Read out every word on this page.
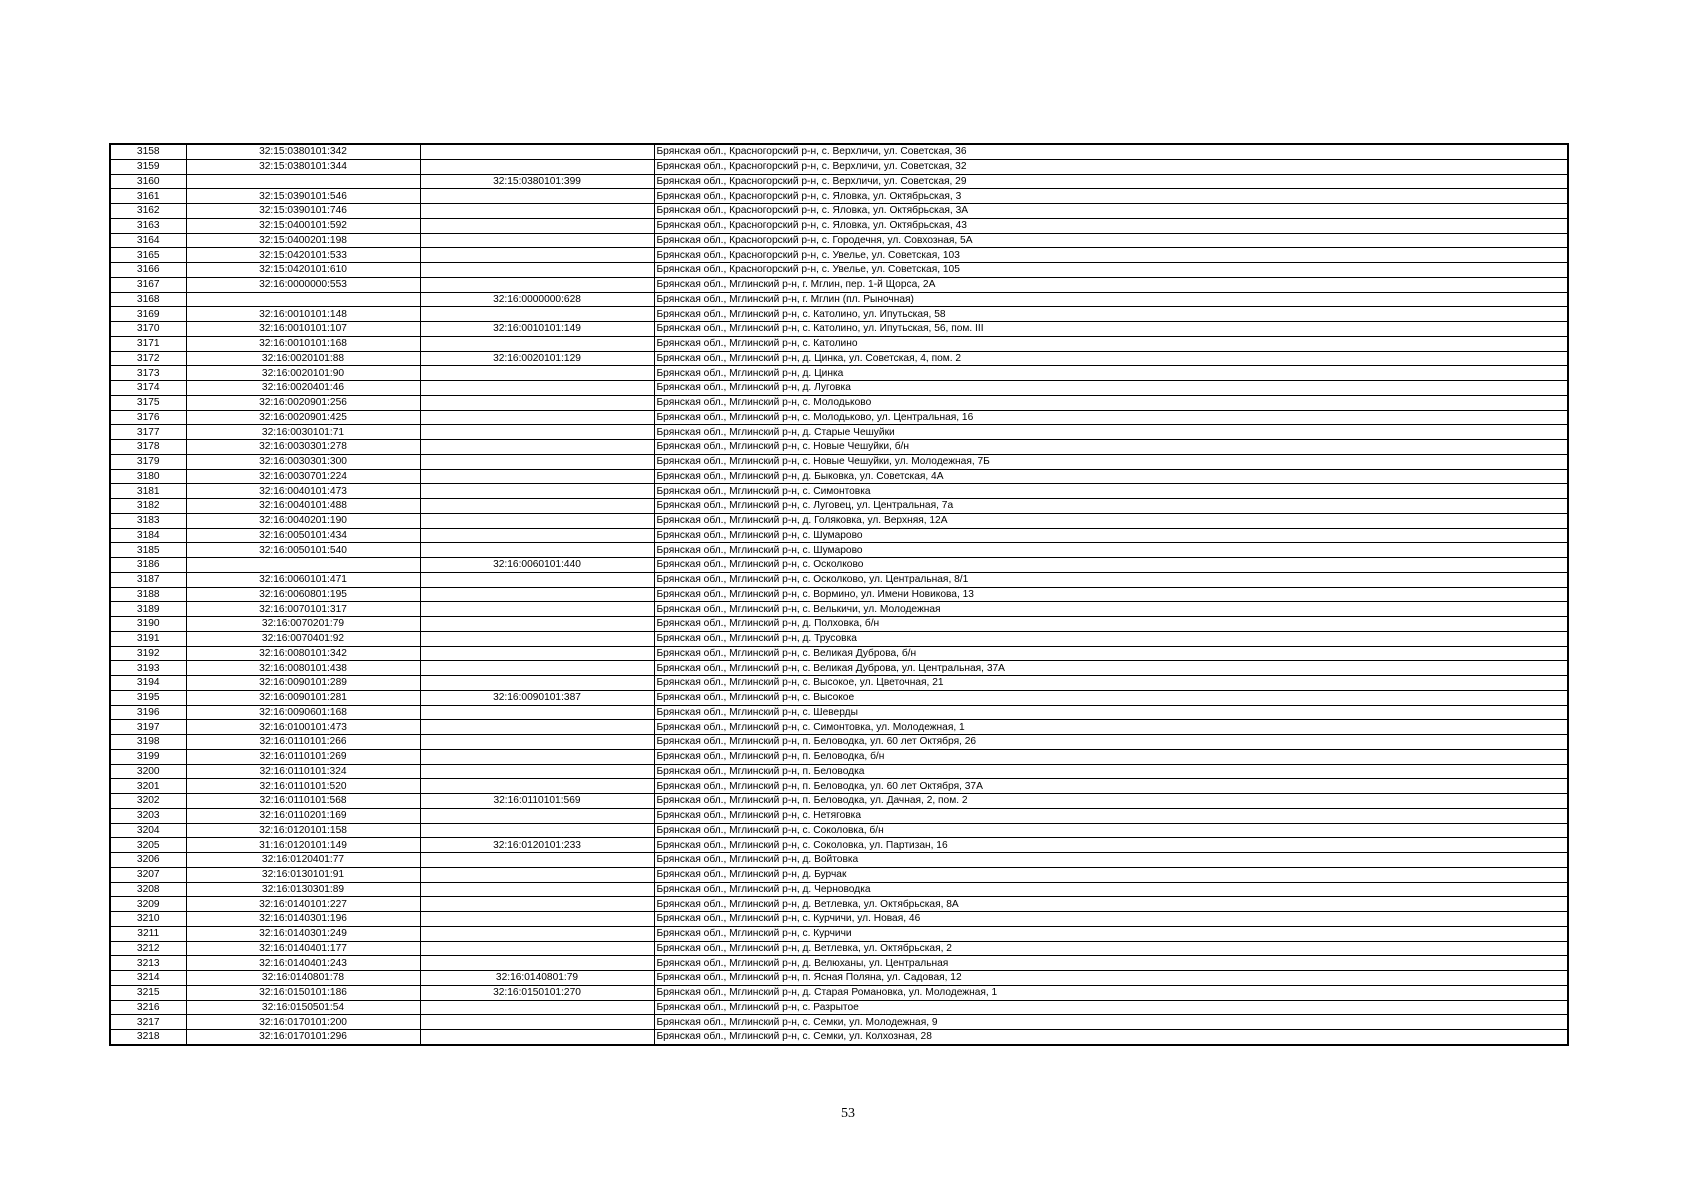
3158	32:15:0380101:342		Брянская обл., Красногорский р-н, с. Верхличи, ул. Советская, 36
3159	32:15:0380101:344		Брянская обл., Красногорский р-н, с. Верхличи, ул. Советская, 32
3160		32:15:0380101:399	Брянская обл., Красногорский р-н, с. Верхличи, ул. Советская, 29
3161	32:15:0390101:546		Брянская обл., Красногорский р-н, с. Яловка, ул. Октябрьская, 3
3162	32:15:0390101:746		Брянская обл., Красногорский р-н, с. Яловка, ул. Октябрьская, 3А
3163	32:15:0400101:592		Брянская обл., Красногорский р-н, с. Яловка, ул. Октябрьская, 43
3164	32:15:0400201:198		Брянская обл., Красногорский р-н, с. Городечня, ул. Совхозная, 5А
3165	32:15:0420101:533		Брянская обл., Красногорский р-н, с. Увелье, ул. Советская, 103
3166	32:15:0420101:610		Брянская обл., Красногорский р-н, с. Увелье, ул. Советская, 105
3167	32:16:0000000:553		Брянская обл., Мглинский р-н, г. Мглин, пер. 1-й Щорса, 2А
3168		32:16:0000000:628	Брянская обл., Мглинский р-н, г. Мглин (пл. Рыночная)
3169	32:16:0010101:148		Брянская обл., Мглинский р-н, с. Католино, ул. Ипутьская, 58
3170	32:16:0010101:107	32:16:0010101:149	Брянская обл., Мглинский р-н, с. Католино, ул. Ипутьская, 56, пом. III
3171	32:16:0010101:168		Брянская обл., Мглинский р-н, с. Католино
3172	32:16:0020101:88	32:16:0020101:129	Брянская обл., Мглинский р-н, д. Цинка, ул. Советская, 4, пом. 2
3173	32:16:0020101:90		Брянская обл., Мглинский р-н, д. Цинка
3174	32:16:0020401:46		Брянская обл., Мглинский р-н, д. Луговка
3175	32:16:0020901:256		Брянская обл., Мглинский р-н, с. Молодьково
3176	32:16:0020901:425		Брянская обл., Мглинский р-н, с. Молодьково, ул. Центральная, 16
3177	32:16:0030101:71		Брянская обл., Мглинский р-н, д. Старые Чешуйки
3178	32:16:0030301:278		Брянская обл., Мглинский р-н, с. Новые Чешуйки, б/н
3179	32:16:0030301:300		Брянская обл., Мглинский р-н, с. Новые Чешуйки, ул. Молодежная, 7Б
3180	32:16:0030701:224		Брянская обл., Мглинский р-н, д. Быковка, ул. Советская, 4А
3181	32:16:0040101:473		Брянская обл., Мглинский р-н, с. Симонтовка
3182	32:16:0040101:488		Брянская обл., Мглинский р-н, с. Луговец, ул. Центральная, 7а
3183	32:16:0040201:190		Брянская обл., Мглинский р-н, д. Голяковка, ул. Верхняя, 12А
3184	32:16:0050101:434		Брянская обл., Мглинский р-н, с. Шумарово
3185	32:16:0050101:540		Брянская обл., Мглинский р-н, с. Шумарово
3186		32:16:0060101:440	Брянская обл., Мглинский р-н, с. Осколково
3187	32:16:0060101:471		Брянская обл., Мглинский р-н, с. Осколково, ул. Центральная, 8/1
3188	32:16:0060801:195		Брянская обл., Мглинский р-н, с. Вормино, ул. Имени Новикова, 13
3189	32:16:0070101:317		Брянская обл., Мглинский р-н, с. Велькичи, ул. Молодежная
3190	32:16:0070201:79		Брянская обл., Мглинский р-н, д. Полховка, б/н
3191	32:16:0070401:92		Брянская обл., Мглинский р-н, д. Трусовка
3192	32:16:0080101:342		Брянская обл., Мглинский р-н, с. Великая Дуброва, б/н
3193	32:16:0080101:438		Брянская обл., Мглинский р-н, с. Великая Дуброва, ул. Центральная, 37А
3194	32:16:0090101:289		Брянская обл., Мглинский р-н, с. Высокое, ул. Цветочная, 21
3195	32:16:0090101:281	32:16:0090101:387	Брянская обл., Мглинский р-н, с. Высокое
3196	32:16:0090601:168		Брянская обл., Мглинский р-н, с. Шеверды
3197	32:16:0100101:473		Брянская обл., Мглинский р-н, с. Симонтовка, ул. Молодежная, 1
3198	32:16:0110101:266		Брянская обл., Мглинский р-н, п. Беловодка, ул. 60 лет Октября, 26
3199	32:16:0110101:269		Брянская обл., Мглинский р-н, п. Беловодка, б/н
3200	32:16:0110101:324		Брянская обл., Мглинский р-н, п. Беловодка
3201	32:16:0110101:520		Брянская обл., Мглинский р-н, п. Беловодка, ул. 60 лет Октября, 37А
3202	32:16:0110101:568	32:16:0110101:569	Брянская обл., Мглинский р-н, п. Беловодка, ул. Дачная, 2, пом. 2
3203	32:16:0110201:169		Брянская обл., Мглинский р-н, с. Нетяговка
3204	32:16:0120101:158		Брянская обл., Мглинский р-н, с. Соколовка, б/н
3205	31:16:0120101:149	32:16:0120101:233	Брянская обл., Мглинский р-н, с. Соколовка, ул. Партизан, 16
3206	32:16:0120401:77		Брянская обл., Мглинский р-н, д. Войтовка
3207	32:16:0130101:91		Брянская обл., Мглинский р-н, д. Бурчак
3208	32:16:0130301:89		Брянская обл., Мглинский р-н, д. Черноводка
3209	32:16:0140101:227		Брянская обл., Мглинский р-н, д. Ветлевка, ул. Октябрьская, 8А
3210	32:16:0140301:196		Брянская обл., Мглинский р-н, с. Курчичи, ул. Новая, 46
3211	32:16:0140301:249		Брянская обл., Мглинский р-н, с. Курчичи
3212	32:16:0140401:177		Брянская обл., Мглинский р-н, д. Ветлевка, ул. Октябрьская, 2
3213	32:16:0140401:243		Брянская обл., Мглинский р-н, д. Велюханы, ул. Центральная
3214	32:16:0140801:78	32:16:0140801:79	Брянская обл., Мглинский р-н, п. Ясная Поляна, ул. Садовая, 12
3215	32:16:0150101:186	32:16:0150101:270	Брянская обл., Мглинский р-н, д. Старая Романовка, ул. Молодежная, 1
3216	32:16:0150501:54		Брянская обл., Мглинский р-н, с. Разрытое
3217	32:16:0170101:200		Брянская обл., Мглинский р-н, с. Семки, ул. Молодежная, 9
3218	32:16:0170101:296		Брянская обл., Мглинский р-н, с. Семки, ул. Колхозная, 28
53
